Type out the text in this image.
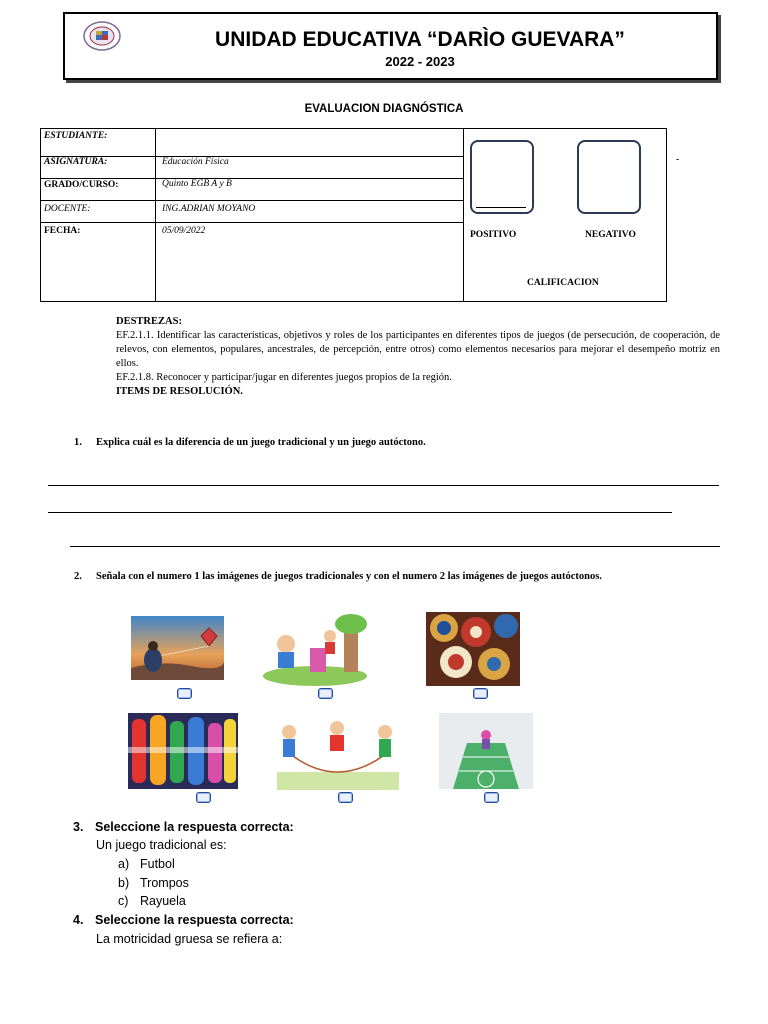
UNIDAD EDUCATIVA “DARÌO GUEVARA”
2022 - 2023
EVALUACION DIAGNÓSTICA
ESTUDIANTE:
ASIGNATURA:	Educación Física
GRADO/CURSO:	Quinto EGB A y B
DOCENTE:	ING.ADRIAN MOYANO
FECHA:	05/09/2022	POSITIVO	NEGATIVO
CALIFICACION
-
DESTREZAS:
EF.2.1.1. Identificar las características, objetivos y roles de los participantes en diferentes tipos de juegos (de persecución, de cooperación, de relevos, con elementos, populares, ancestrales, de percepción, entre otros) como elementos necesarios para mejorar el desempeño motriz en ellos.
EF.2.1.8. Reconocer y participar/jugar en diferentes juegos propios de la región.
ITEMS DE RESOLUCIÓN.
1. Explica cuál es la diferencia de un juego tradicional y un juego autóctono.
2. Señala con el numero 1 las imágenes de juegos tradicionales y con el numero 2 las imágenes de juegos autóctonos.
3. Seleccione la respuesta correcta:
Un juego tradicional es:
a) Futbol
b) Trompos
c) Rayuela
4. Seleccione la respuesta correcta:
La motricidad gruesa se refiera a:
